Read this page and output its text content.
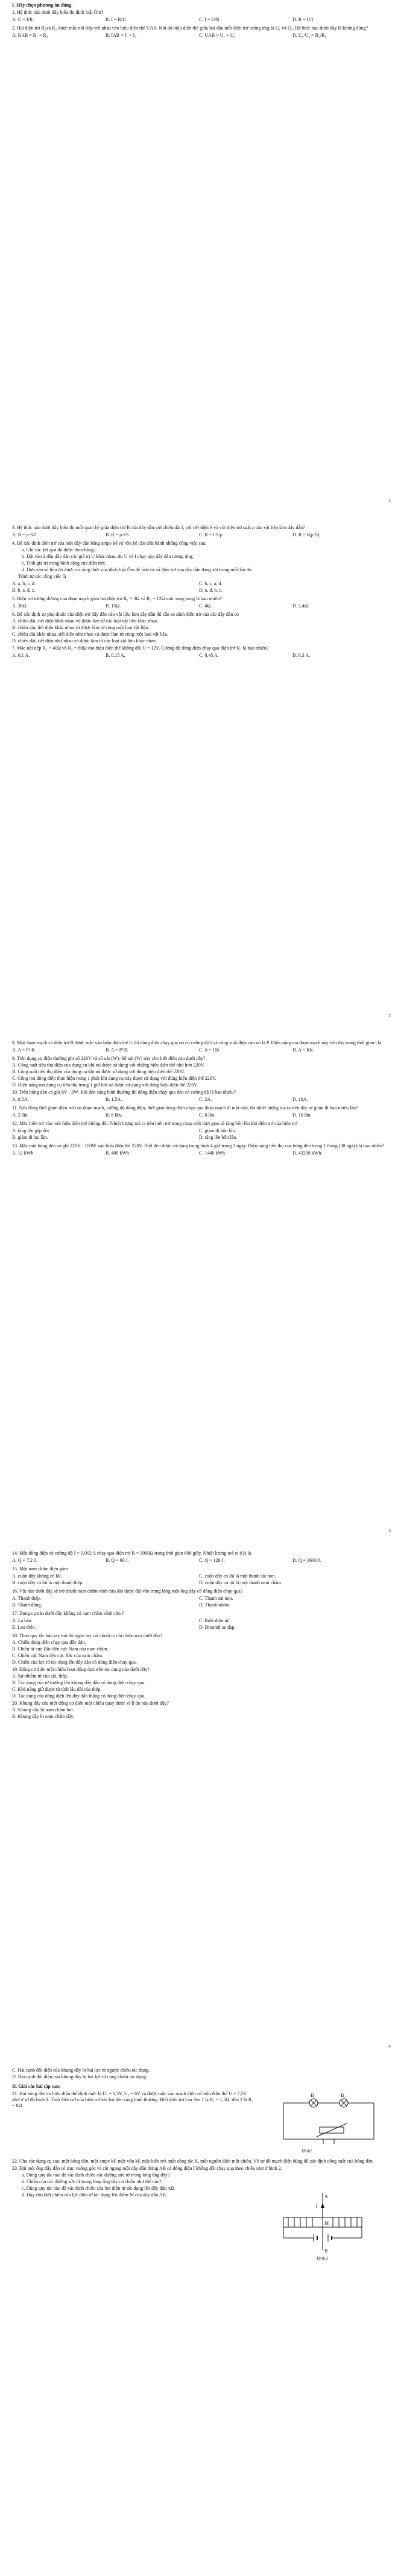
I. Hãy chọn phương án đúng.
1. Hệ thức nào dưới đây biểu thị định luật Ôm?
A. U = I/R	B. I = R/U	C. I = U/R	D. R = U/I
2. Hai điện trở R₁và R₂ được mắc nối tiếp với nhau vào hiệu điện thế UAB. Khi đó hiệu điện thế giữa hai đầu mỗi điện trở tương ứng là U₁ và U₂. Hệ thức nào dưới đây là không đúng?
A. RAB = R₁ + R₂	B. IAB = I₁ = I₂	C. UAB = U₁ + U₂	D. U₁/U₂ = R₂/R₁
1
3. Hệ thức nào dưới đây biểu thị mối quan hệ giữa điện trở R của dây dẫn với chiều dài l, với tiết diện S và với điện trở suất ρ của vật liệu làm dây dẫn?
A. R = ρ·S/l	B. R = ρ·l/S	C. R = l·S/ρ	D. R = l/(ρ·S)
4. Để xác định điện trở của một dây dẫn bằng ampe kế và vôn kế cần tiến hành những công việc sau:
a. Ghi các kết quả đo được theo bảng;
b. Đặt vào 2 đầu dây dẫn các giá trị U khác nhau, đo U và I chạy qua dây dẫn tương ứng;
c. Tính giá trị trung bình cộng của điện trở;
d. Dựa vào số liệu đo được và công thức của định luật Ôm để tính trị số điện trở của dây dẫn đang xét trong mỗi lần đo.
Trình tự các công việc là
A. a, b, c, d.	C. b, c, a, d.
B. b, a, d, c.	D. a, d, b, c.
5. Điện trở tương đương của đoạn mạch gồm hai điện trở R₁ = 3Ω và R₂ = 12Ω mắc song song là bao nhiêu?
A. 36Ω.	B. 15Ω.	C. 4Ω.	D. 2,4Ω.
6. Để xác định sự phụ thuộc của điện trở dây dẫn vào vật liệu làm dây dẫn thì cần so sánh điện trở của các dây dẫn có
A. chiều dài, tiết diện khác nhau và được làm từ các loại vật liệu khác nhau.
B. chiều dài, tiết diện khác nhau và được làm từ cùng một loại vật liệu.
C. chiều dài khác nhau, tiết diện như nhau và được làm từ cùng một loại vật liệu.
D. chiều dài, tiết diện như nhau và được làm từ các loại vật liệu khác nhau.
7. Mắc nối tiếp R₁ = 40Ω và R₂ = 80Ω vào hiệu điện thế không đổi U = 12V. Cường độ dòng điện chạy qua điện trở R₁ là bao nhiêu?
A. 0,1 A.	B. 0,15 A.	C. 0,45 A.	D. 0,3 A.
2
8. Một đoạn mạch có điện trở R được mắc vào hiệu điện thế U thì dòng điện chạy qua nó có cường độ I và công suất điện của nó là P. Điện năng mà đoạn mạch này tiêu thụ trong thời gian t là
A. A = P²/R	B. A = P²/R	C. A = UIt.	D. A = RIt.
9. Trên dụng cụ điện thường ghi số 220V và số oát (W). Số oát (W) này cho biết điều nào dưới đây?
A. Công suất tiêu thụ điện của dụng cụ khi nó được sử dụng với những hiệu điện thế nhỏ hơn 220V.
B. Công suất tiêu thụ điện của dụng cụ khi nó được sử dụng với đúng hiệu điện thế 220V.
C. Công mà dòng điện thực hiện trong 1 phút khi dụng cụ này được sử dụng với đúng hiệu điện thế 220V.
D. Điện năng mà dụng cụ tiêu thụ trong 1 giờ khi nó được sử dụng với đúng hiệu điện thế 220V.
10. Trên bóng đèn có ghi 6V - 3W. Khi đèn sáng bình thường thì dòng điện chạy qua đèn có cường độ là bao nhiêu?
A. 0,5A.	B. 1,5A.	C. 2A.	D. 18A.
11. Nếu đồng thời giảm điện trở của đoạn mạch, cường độ dòng điện, thời gian dòng điện chạy qua đoạn mạch đi một nửa, thì nhiệt lượng toả ra trên dây sẽ giảm đi bao nhiêu lần?
A. 2 lần.	B. 6 lần.	C. 8 lần.	D. 16 lần.
12. Mắc biến trở vào một hiệu điện thế không đổi. Nhiệt lượng toả ra trên biến trở trong cùng một thời gian sẽ tăng bốn lần khi điện trở của biến trở
A. tăng lên gấp đôi.	C. giảm đi bốn lần.
B. giảm đi hai lần.	D. tăng lên bốn lần.
13. Mắc một bóng đèn có ghi 220V - 100W vào hiệu điện thế 220V. Biết đèn được sử dụng trung bình 4 giờ trong 1 ngày. Điện năng tiêu thụ của bóng đèn trong 1 tháng (30 ngày) là bao nhiêu?
A. 12 kWh.	B. 400 kWh.	C. 1440 kWh.	D. 43200 kWh.
3
14. Một dòng điện có cường độ I = 0,002 A chạy qua điện trở R = 3000Ω trong thời gian 600 giây. Nhiệt lượng toả ra (Q) là
A. Q = 7,2 J.	B. Q = 60 J.	C. Q = 120 J.	D. Q = 3600 J.
15. Một nam châm điện gồm
A. cuộn dây không có lõi.	C. cuộn dây có lõi là một thanh sắt non.
B. cuộn dây có lõi là một thanh thép.	D. cuộn dây có lõi là một thanh nam châm.
16. Vật nào dưới đây sẽ trở thành nam châm vĩnh cửu khi được đặt vào trong lòng một ống dây có dòng điện chạy qua?
A. Thanh thép.	C. Thanh sắt non.
B. Thanh đồng.	D. Thanh nhôm.
17. Dụng cụ nào dưới đây không có nam châm vĩnh cửu ?
A. La bàn.	C. Rơle điện từ.
B. Loa điện.	D. Đinamô xe đạp.
18. Theo quy tắc bàn tay trái thì ngón tay cái choãi ra chỉ chiều nào dưới đây?
A. Chiều dòng điện chạy qua dây dẫn.
B. Chiều từ cực Bắc đến cực Nam của nam châm.
C. Chiều cực Nam đến cực Bắc của nam châm.
D. Chiều của lực từ tác dụng lên dây dẫn có dòng điện chạy qua.
19. Động cơ điện một chiều hoạt động dựa trên tác dụng nào dưới đây?
A. Sự nhiễm từ của sắt, thép.
B. Tác dụng của từ trường lên khung dây dẫn có dòng điện chạy qua.
C. Khả năng giữ được từ tính lâu dài của thép.
D. Tác dụng của dòng điện lên dây dẫn thẳng có dòng điện chạy qua.
20. Khung dây của một động cơ điện một chiều quay được vì lí do nào dưới đây?
A. Khung dây bị nam châm hút.
B. Khung dây bị nam châm đẩy.
4
C. Hai cạnh đối diện của khung dây bị hai lực từ ngược chiều tác dụng.
D. Hai cạnh đối diện của khung dây bị hai lực từ cùng chiều tác dụng.
II. Giải các bài tập sau:
21. Hai bóng đèn có hiệu điện thế định mức là U₁ = 1,5V, U₂ = 6V và được mắc vào mạch điện có hiệu điện thế U = 7,5V như ở sơ đồ hình 1. Tính điện trở của biến trở khi hai đèn sáng bình thường. Biết điện trở của đèn 1 là R₁ = 1,5Ω, đèn 2 là R₂ = 8Ω.
Đ₁	Đ₂
Hình1
22. Cho các dụng cụ sau: một bóng đèn, một ampe kế, một vôn kế, một biến trở, một công tắc K, một nguồn điện một chiều. Vẽ sơ đồ mạch điện dùng để xác định công suất của bóng đèn.
23. Đặt một ống dây dẫn có trục vuông góc và cắt ngang một dây dẫn thẳng AB có dòng điện I không đổi chạy qua theo chiều như ở hình 2.
a. Dùng quy tắc nào để xác định chiều các đường sức từ trong lòng ống dây?
b. Chiều của các đường sức từ trong lòng ống dây có chiều như thế nào?
c. Dùng quy tắc nào để xác định chiều của lực điện từ tác dụng lên dây dẫn AB.
d. Hãy cho biết chiều của lực điện từ tác dụng lên điểm M của dây dẫn AB.	A
B
I
M
Hình 2
